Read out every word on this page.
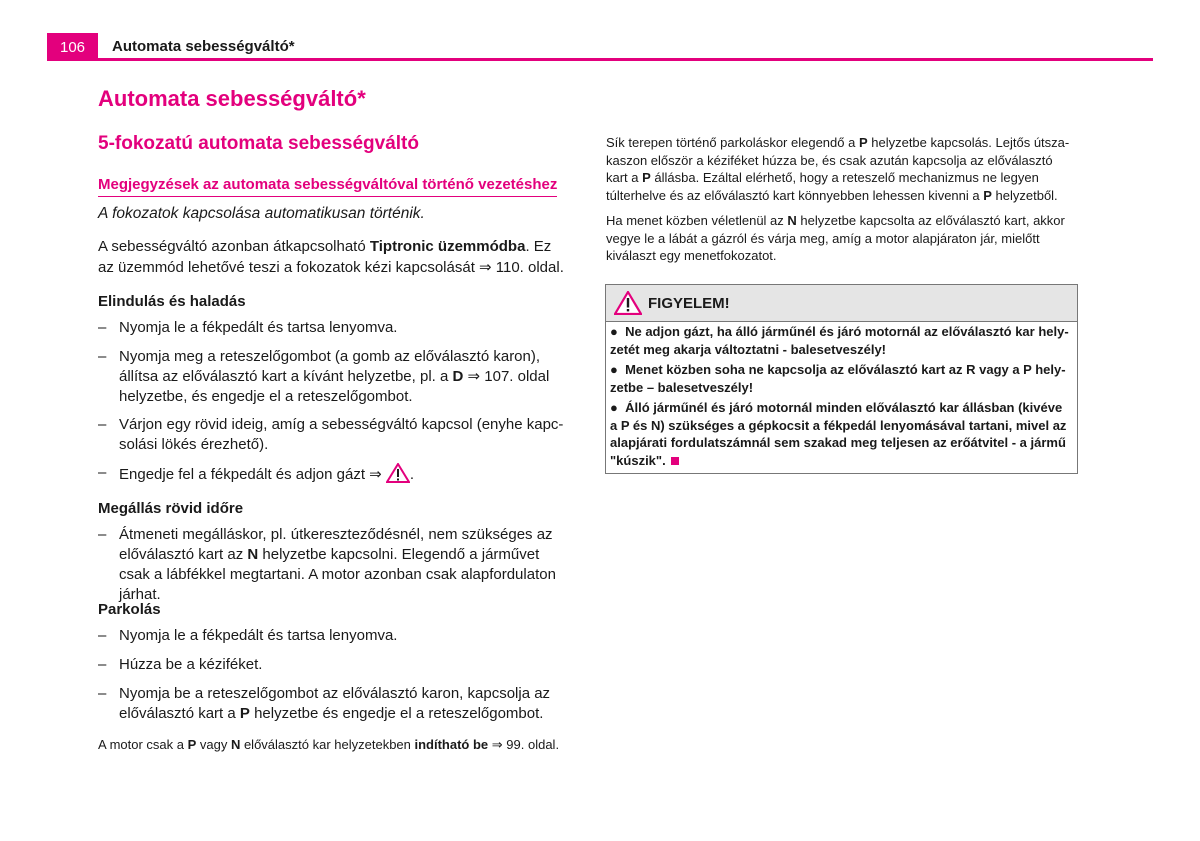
106	Automata sebességváltó*
Automata sebességváltó*
5-fokozatú automata sebességváltó
Megjegyzések az automata sebességváltóval történő vezetéshez
A fokozatok kapcsolása automatikusan történik.
A sebességváltó azonban átkapcsolható Tiptronic üzemmódba. Ez az üzemmód lehetővé teszi a fokozatok kézi kapcsolását ⇒ 110. oldal.
Elindulás és haladás
– Nyomja le a fékpedált és tartsa lenyomva.
– Nyomja meg a reteszelőgombot (a gomb az előválasztó karon), állítsa az előválasztó kart a kívánt helyzetbe, pl. a D ⇒ 107. oldal helyzetbe, és engedje el a reteszelőgombot.
– Várjon egy rövid ideig, amíg a sebességváltó kapcsol (enyhe kapc-solási lökés érezhető).
– Engedje fel a fékpedált és adjon gázt ⇒ .
Megállás rövid időre
– Átmeneti megálláskor, pl. útkereszteződésnél, nem szükséges az előválasztó kart az N helyzetbe kapcsolni. Elegendő a járművet csak a lábfékkel megtartani. A motor azonban csak alapfordulaton járhat.
Parkolás
– Nyomja le a fékpedált és tartsa lenyomva.
– Húzza be a kéziféket.
– Nyomja be a reteszelőgombot az előválasztó karon, kapcsolja az előválasztó kart a P helyzetbe és engedje el a reteszelőgombot.
A motor csak a P vagy N előválasztó kar helyzetekben indítható be ⇒ 99. oldal.
Sík terepen történő parkoláskor elegendő a P helyzetbe kapcsolás. Lejtős útsza-kaszon először a kéziféket húzza be, és csak azután kapcsolja az előválasztó kart a P állásba. Ezáltal elérhető, hogy a reteszelő mechanizmus ne legyen túlterhelve és az előválasztó kart könnyebben lehessen kivenni a P helyzetből.
Ha menet közben véletlenül az N helyzetbe kapcsolta az előválasztó kart, akkor vegye le a lábát a gázról és várja meg, amíg a motor alapjáraton jár, mielőtt kiválaszt egy menetfokozatot.
FIGYELEM!
● Ne adjon gázt, ha álló járműnél és járó motornál az előválasztó kar hely-zetét meg akarja változtatni - balesetveszély!
● Menet közben soha ne kapcsolja az előválasztó kart az R vagy a P hely-zetbe – balesetveszély!
● Álló járműnél és járó motornál minden előválasztó kar állásban (kivéve a P és N) szükséges a gépkocsit a fékpedál lenyomásával tartani, mivel az alapjárati fordulatszámnál sem szakad meg teljesen az erőátvitel - a jármű "kúszik".
